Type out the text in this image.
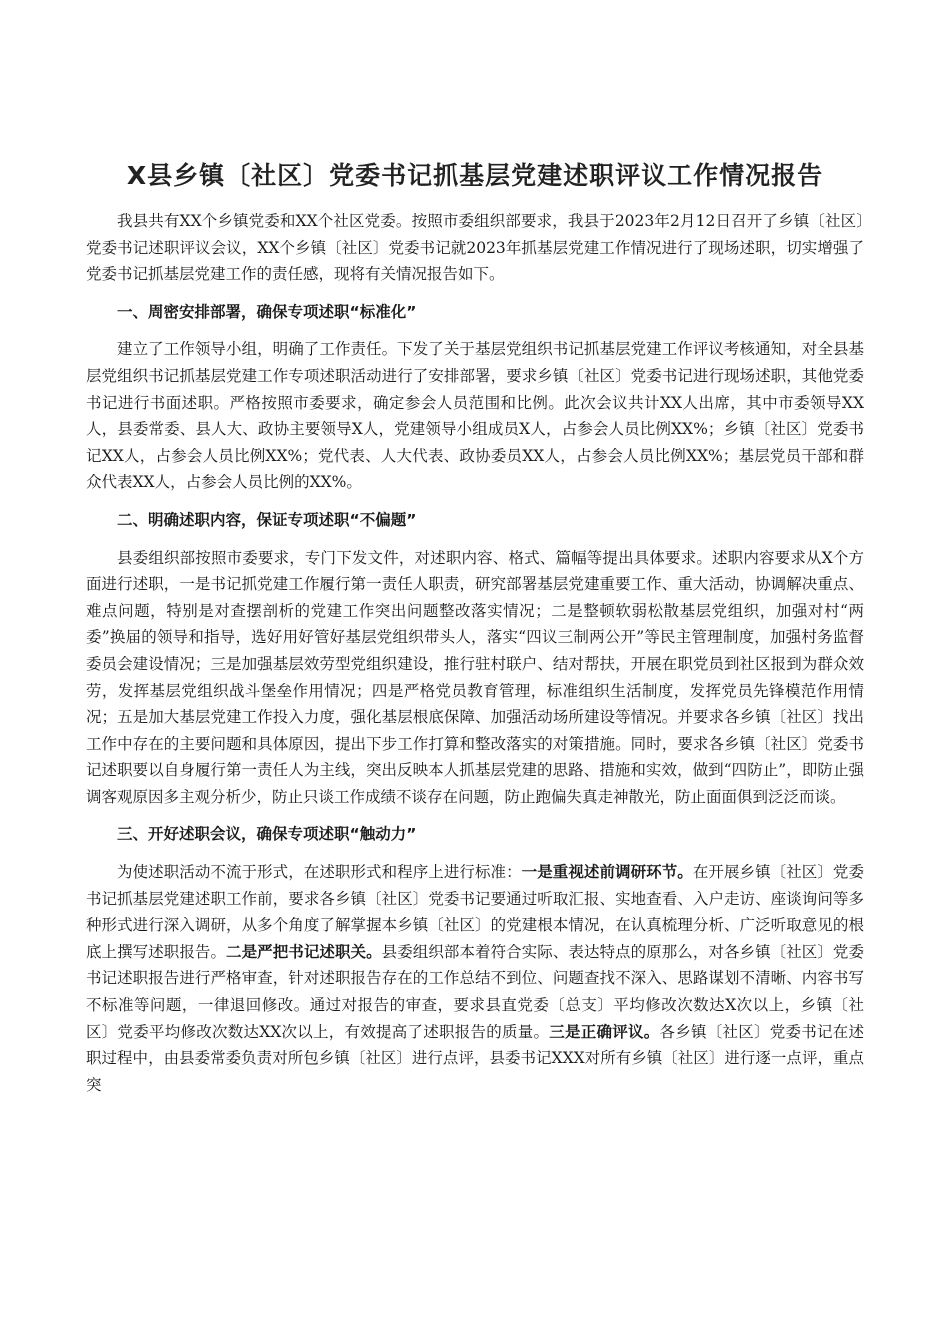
X县乡镇〔社区〕党委书记抓基层党建述职评议工作情况报告

我县共有XX个乡镇党委和XX个社区党委。按照市委组织部要求，我县于2023年2月12日召开了乡镇〔社区〕党委书记述职评议会议，XX个乡镇〔社区〕党委书记就2023年抓基层党建工作情况进行了现场述职，切实增强了党委书记抓基层党建工作的责任感，现将有关情况报告如下。

一、周密安排部署，确保专项述职“标准化”

建立了工作领导小组，明确了工作责任。下发了关于基层党组织书记抓基层党建工作评议考核通知，对全县基层党组织书记抓基层党建工作专项述职活动进行了安排部署，要求乡镇〔社区〕党委书记进行现场述职，其他党委书记进行书面述职。严格按照市委要求，确定参会人员范围和比例。此次会议共计XX人出席，其中市委领导XX人，县委常委、县人大、政协主要领导X人，党建领导小组成员X人，占参会人员比例XX%；乡镇〔社区〕党委书记XX人，占参会人员比例XX%；党代表、人大代表、政协委员XX人，占参会人员比例XX%；基层党员干部和群众代表XX人，占参会人员比例的XX%。

二、明确述职内容，保证专项述职“不偏题”

县委组织部按照市委要求，专门下发文件，对述职内容、格式、篇幅等提出具体要求。述职内容要求从X个方面进行述职，一是书记抓党建工作履行第一责任人职责，研究部署基层党建重要工作、重大活动，协调解决重点、难点问题，特别是对查摆剖析的党建工作突出问题整改落实情况；二是整顿软弱松散基层党组织，加强对村“两委”换届的领导和指导，选好用好管好基层党组织带头人，落实“四议三制两公开”等民主管理制度，加强村务监督委员会建设情况；三是加强基层效劳型党组织建设，推行驻村联户、结对帮扶，开展在职党员到社区报到为群众效劳，发挥基层党组织战斗堡垒作用情况；四是严格党员教育管理，标准组织生活制度，发挥党员先锋模范作用情况；五是加大基层党建工作投入力度，强化基层根底保障、加强活动场所建设等情况。并要求各乡镇〔社区〕找出工作中存在的主要问题和具体原因，提出下步工作打算和整改落实的对策措施。同时，要求各乡镇〔社区〕党委书记述职要以自身履行第一责任人为主线，突出反映本人抓基层党建的思路、措施和实效，做到“四防止”，即防止强调客观原因多主观分析少，防止只谈工作成绩不谈存在问题，防止跑偏失真走神散光，防止面面俱到泛泛而谈。

三、开好述职会议，确保专项述职“触动力”

为使述职活动不流于形式，在述职形式和程序上进行标准：一是重视述前调研环节。在开展乡镇〔社区〕党委书记抓基层党建述职工作前，要求各乡镇〔社区〕党委书记要通过听取汇报、实地查看、入户走访、座谈询问等多种形式进行深入调研，从多个角度了解掌握本乡镇〔社区〕的党建根本情况，在认真梳理分析、广泛听取意见的根底上撰写述职报告。二是严把书记述职关。县委组织部本着符合实际、表达特点的原那么，对各乡镇〔社区〕党委书记述职报告进行严格审查，针对述职报告存在的工作总结不到位、问题查找不深入、思路谋划不清晰、内容书写不标准等问题，一律退回修改。通过对报告的审查，要求县直党委〔总支〕平均修改次数达X次以上，乡镇〔社区〕党委平均修改次数达XX次以上，有效提高了述职报告的质量。三是正确评议。各乡镇〔社区〕党委书记在述职过程中，由县委常委负责对所包乡镇〔社区〕进行点评，县委书记XXX对所有乡镇〔社区〕进行逐一点评，重点突
